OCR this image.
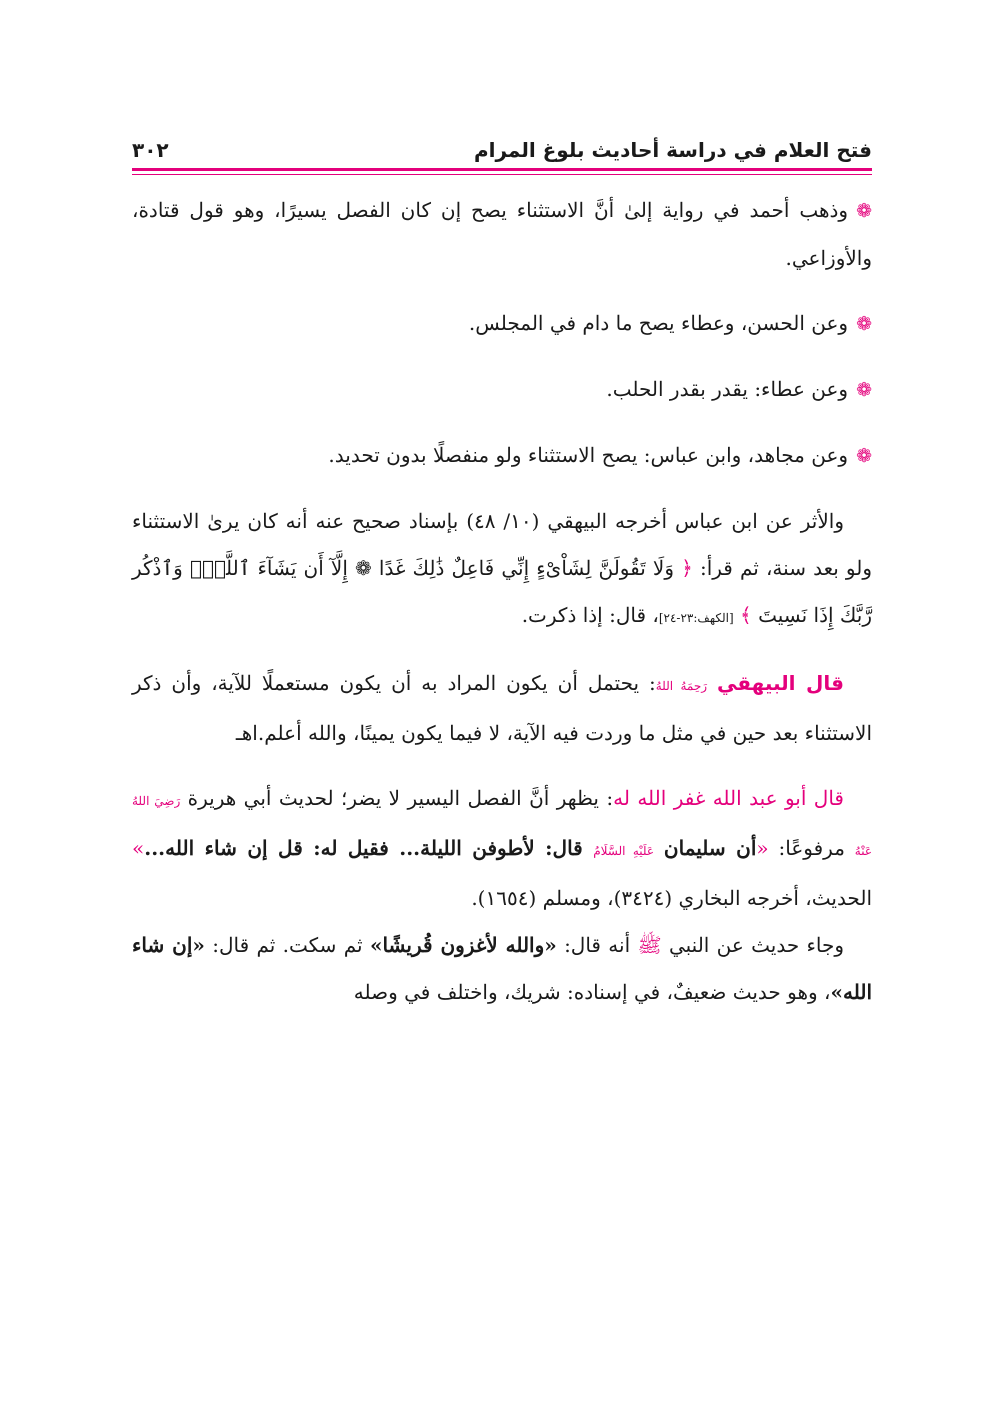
فتح العلام في دراسة أحاديث بلوغ المرام
٣٠٢

❁وذهب أحمد في رواية إلىٰ أنَّ الاستثناء يصح إن كان الفصل يسيرًا، وهو قول قتادة، والأوزاعي.

❁وعن الحسن، وعطاء يصح ما دام في المجلس.

❁وعن عطاء: يقدر بقدر الحلب.

❁وعن مجاهد، وابن عباس: يصح الاستثناء ولو منفصلًا بدون تحديد.

والأثر عن ابن عباس أخرجه البيهقي (١٠/ ٤٨) بإسناد صحيح عنه أنه كان يرىٰ الاستثناء ولو بعد سنة، ثم قرأ: ﴿ وَلَا تَقُولَنَّ لِشَاْىْءٍ إِنِّي فَاعِلٌ ذَٰلِكَ غَدًا ❁ إِلَّآ أَن يَشَآءَ ٱللَّهُۚ وَٱذْكُر رَّبَّكَ إِذَا نَسِيتَ ﴾ [الكهف:٢٣-٢٤]، قال: إذا ذكرت.

قال البيهقي رَحِمَهُ اللهُ: يحتمل أن يكون المراد به أن يكون مستعملًا للآية، وأن ذكر الاستثناء بعد حين في مثل ما وردت فيه الآية، لا فيما يكون يمينًا، والله أعلم.اهـ

قال أبو عبد الله غفر الله له: يظهر أنَّ الفصل اليسير لا يضر؛ لحديث أبي هريرة رَضِيَ اللهُ عَنْهُ مرفوعًا: «أن سليمان عَلَيْهِ السَّلَامُ قال: لأطوفن الليلة... فقيل له: قل إن شاء الله...» الحديث، أخرجه البخاري (٣٤٢٤)، ومسلم (١٦٥٤).

وجاء حديث عن النبي ﷺ أنه قال: «والله لأغزون قُريشًا» ثم سكت. ثم قال: «إن شاء الله»، وهو حديث ضعيفٌ، في إسناده: شريك، واختلف في وصله
